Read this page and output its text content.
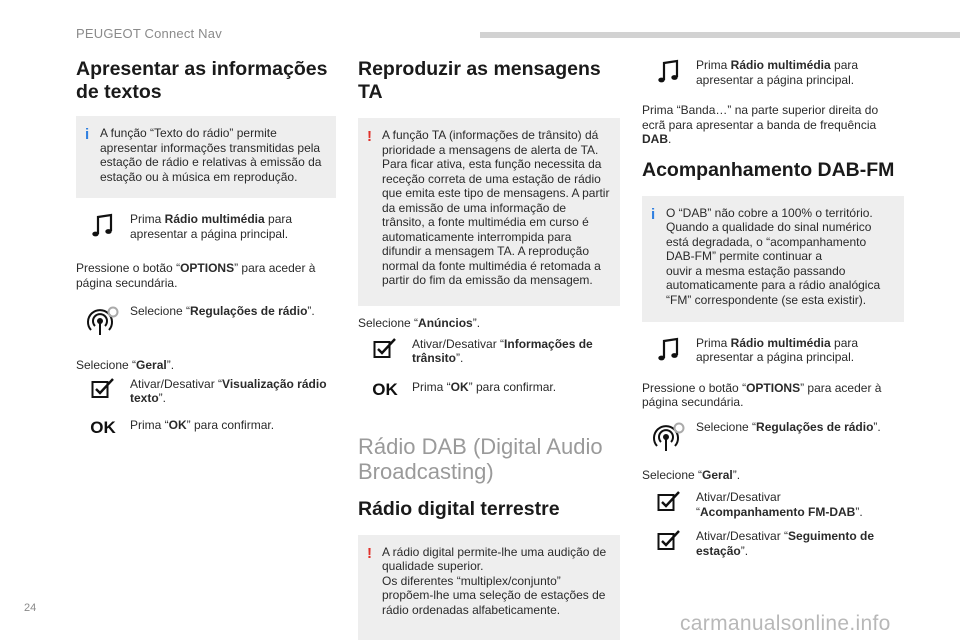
PEUGEOT Connect Nav
Apresentar as informações de textos
i A função “Texto do rádio” permite apresentar informações transmitidas pela estação de rádio e relativas à emissão da estação ou à música em reprodução.

Prima Rádio multimédia para apresentar a página principal.

Pressione o botão “OPTIONS” para aceder à página secundária.

Selecione “Regulações de rádio”.

Selecione “Geral”.

Ativar/Desativar “Visualização rádio texto”.

OK Prima “OK” para confirmar.

Reproduzir as mensagens TA
! A função TA (informações de trânsito) dá prioridade a mensagens de alerta de TA. Para ficar ativa, esta função necessita da receção correta de uma estação de rádio que emita este tipo de mensagens. A partir da emissão de uma informação de trânsito, a fonte multimédia em curso é automaticamente interrompida para difundir a mensagem TA. A reprodução normal da fonte multimédia é retomada a partir do fim da emissão da mensagem.

Selecione “Anúncios”.

Ativar/Desativar “Informações de trânsito”.

OK Prima “OK” para confirmar.

Rádio DAB (Digital Audio Broadcasting)
Rádio digital terrestre
! A rádio digital permite-lhe uma audição de qualidade superior.
Os diferentes “multiplex/conjunto” propõem-lhe uma seleção de estações de rádio ordenadas alfabeticamente.

Prima Rádio multimédia para apresentar a página principal.

Prima “Banda…” na parte superior direita do ecrã para apresentar a banda de frequência DAB.

Acompanhamento DAB-FM
i O “DAB” não cobre a 100% o território.
Quando a qualidade do sinal numérico está degradada, o “acompanhamento DAB-FM” permite continuar a
ouvir a mesma estação passando automaticamente para a rádio analógica “FM” correspondente (se esta existir).

Prima Rádio multimédia para apresentar a página principal.

Pressione o botão “OPTIONS” para aceder à página secundária.

Selecione “Regulações de rádio”.

Selecione “Geral”.

Ativar/Desativar
“Acompanhamento FM-DAB”.

Ativar/Desativar “Seguimento de estação”.

24
carmanualsonline.info
